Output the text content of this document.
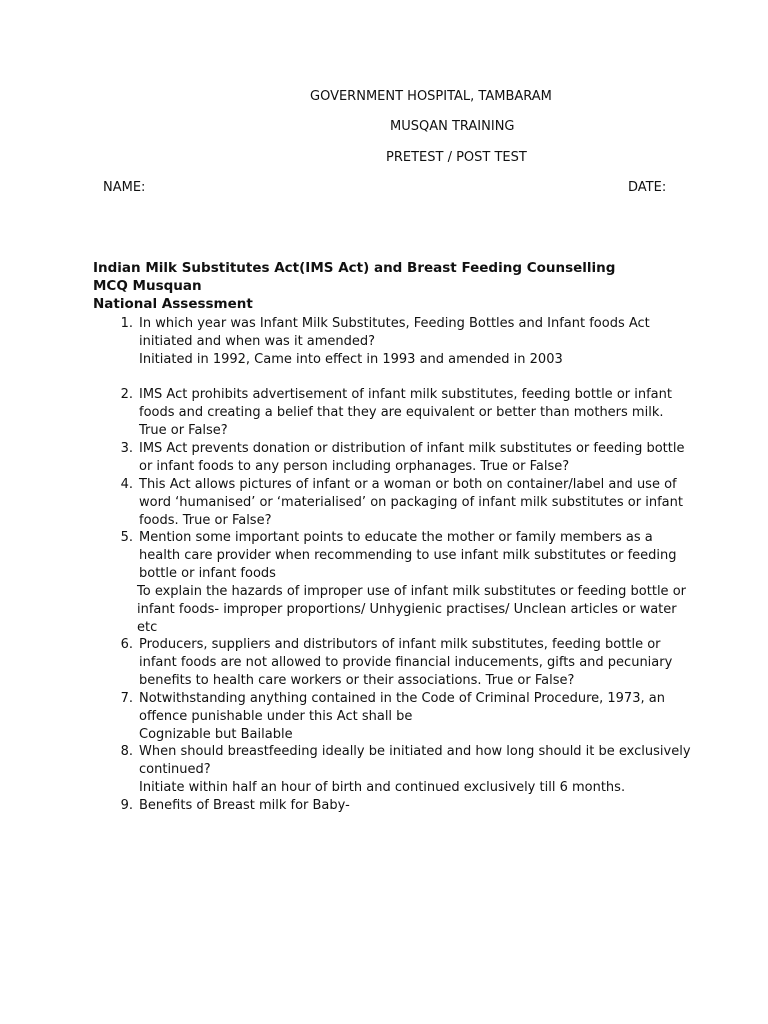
GOVERNMENT HOSPITAL, TAMBARAM
MUSQAN TRAINING
PRETEST / POST TEST
NAME:	DATE:
Indian Milk Substitutes Act(IMS Act) and Breast Feeding Counselling MCQ Musquan
National Assessment
1. In which year was Infant Milk Substitutes, Feeding Bottles and Infant foods Act
initiated and when was it amended?
Initiated in 1992, Came into effect in 1993 and amended in 2003
2. IMS Act prohibits advertisement of infant milk substitutes, feeding bottle or infant
foods and creating a belief that they are equivalent or better than mothers milk.
True or False?
3. IMS Act prevents donation or distribution of infant milk substitutes or feeding bottle
or infant foods to any person including orphanages. True or False?
4. This Act allows pictures of infant or a woman or both on container/label and use of
word ‘humanised’ or ‘materialised’ on packaging of infant milk substitutes or infant
foods. True or False?
5. Mention some important points to educate the mother or family members as a
health care provider when recommending to use infant milk substitutes or feeding
bottle or infant foods
To explain the hazards of improper use of infant milk substitutes or feeding bottle or
infant foods- improper proportions/ Unhygienic practises/ Unclean articles or water
etc
6. Producers, suppliers and distributors of infant milk substitutes, feeding bottle or
infant foods are not allowed to provide financial inducements, gifts and pecuniary
benefits to health care workers or their associations. True or False?
7. Notwithstanding anything contained in the Code of Criminal Procedure, 1973, an
offence punishable under this Act shall be
Cognizable but Bailable
8. When should breastfeeding ideally be initiated and how long should it be exclusively
continued?
Initiate within half an hour of birth and continued exclusively till 6 months.
9. Benefits of Breast milk for Baby-
